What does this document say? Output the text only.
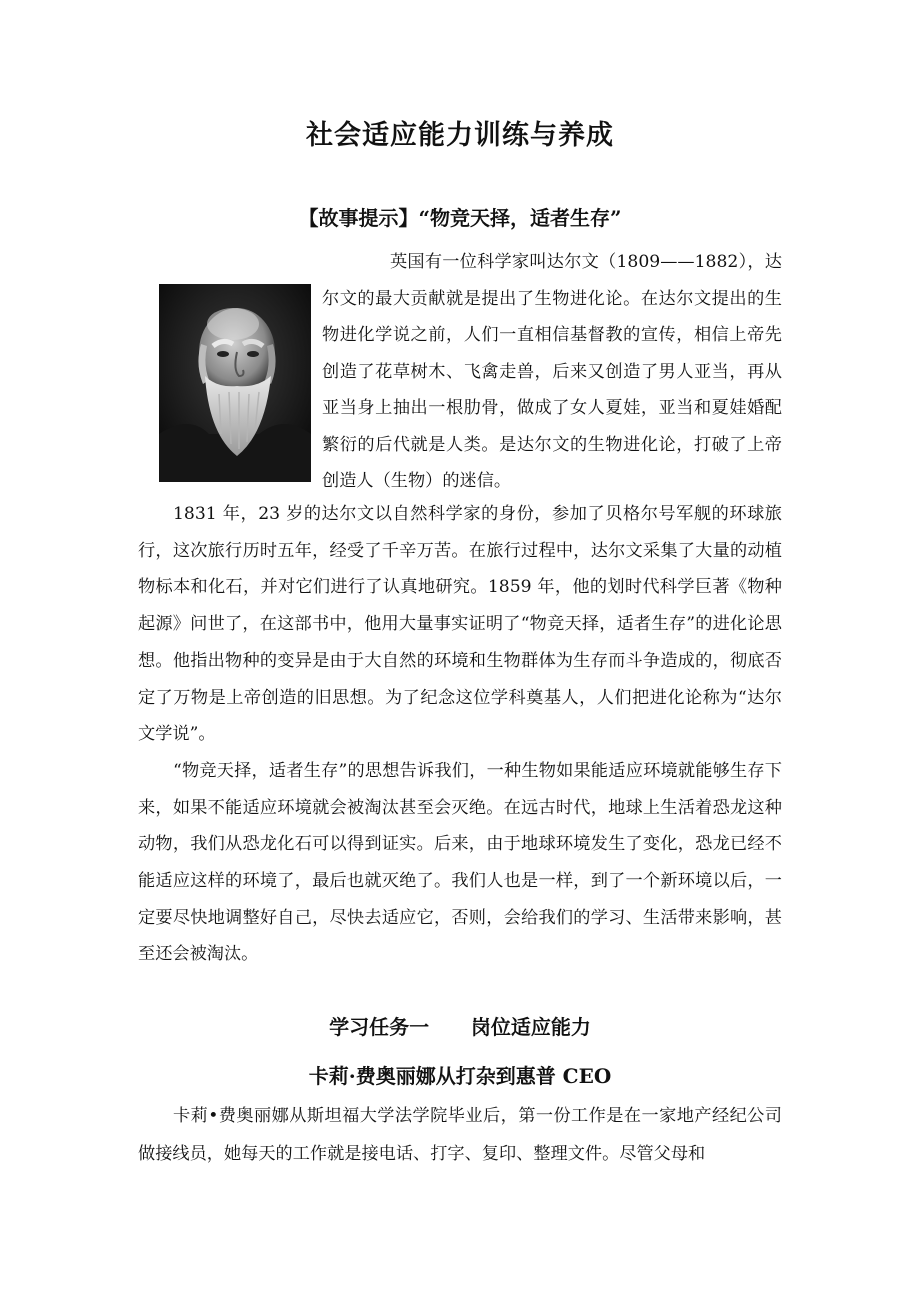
社会适应能力训练与养成
【故事提示】“物竞天择，适者生存”
英国有一位科学家叫达尔文（1809——1882），达尔文的最大贡献就是提出了生物进化论。在达尔文提出的生物进化学说之前，人们一直相信基督教的宣传，相信上帝先创造了花草树木、飞禽走兽，后来又创造了男人亚当，再从亚当身上抽出一根肋骨，做成了女人夏娃，亚当和夏娃婚配繁衍的后代就是人类。是达尔文的生物进化论，打破了上帝创造人（生物）的迷信。

1831 年，23 岁的达尔文以自然科学家的身份，参加了贝格尔号军舰的环球旅行，这次旅行历时五年，经受了千辛万苦。在旅行过程中，达尔文采集了大量的动植物标本和化石，并对它们进行了认真地研究。1859 年，他的划时代科学巨著《物种起源》问世了，在这部书中，他用大量事实证明了“物竞天择，适者生存”的进化论思想。他指出物种的变异是由于大自然的环境和生物群体为生存而斗争造成的，彻底否定了万物是上帝创造的旧思想。为了纪念这位学科奠基人，人们把进化论称为“达尔文学说”。

“物竞天择，适者生存”的思想告诉我们，一种生物如果能适应环境就能够生存下来，如果不能适应环境就会被淘汰甚至会灭绝。在远古时代，地球上生活着恐龙这种动物，我们从恐龙化石可以得到证实。后来，由于地球环境发生了变化，恐龙已经不能适应这样的环境了，最后也就灭绝了。我们人也是一样，到了一个新环境以后，一定要尽快地调整好自己，尽快去适应它，否则，会给我们的学习、生活带来影响，甚至还会被淘汰。

学习任务一      岗位适应能力
卡莉·费奥丽娜从打杂到惠普 CEO

卡莉•费奥丽娜从斯坦福大学法学院毕业后，第一份工作是在一家地产经纪公司做接线员，她每天的工作就是接电话、打字、复印、整理文件。尽管父母和
